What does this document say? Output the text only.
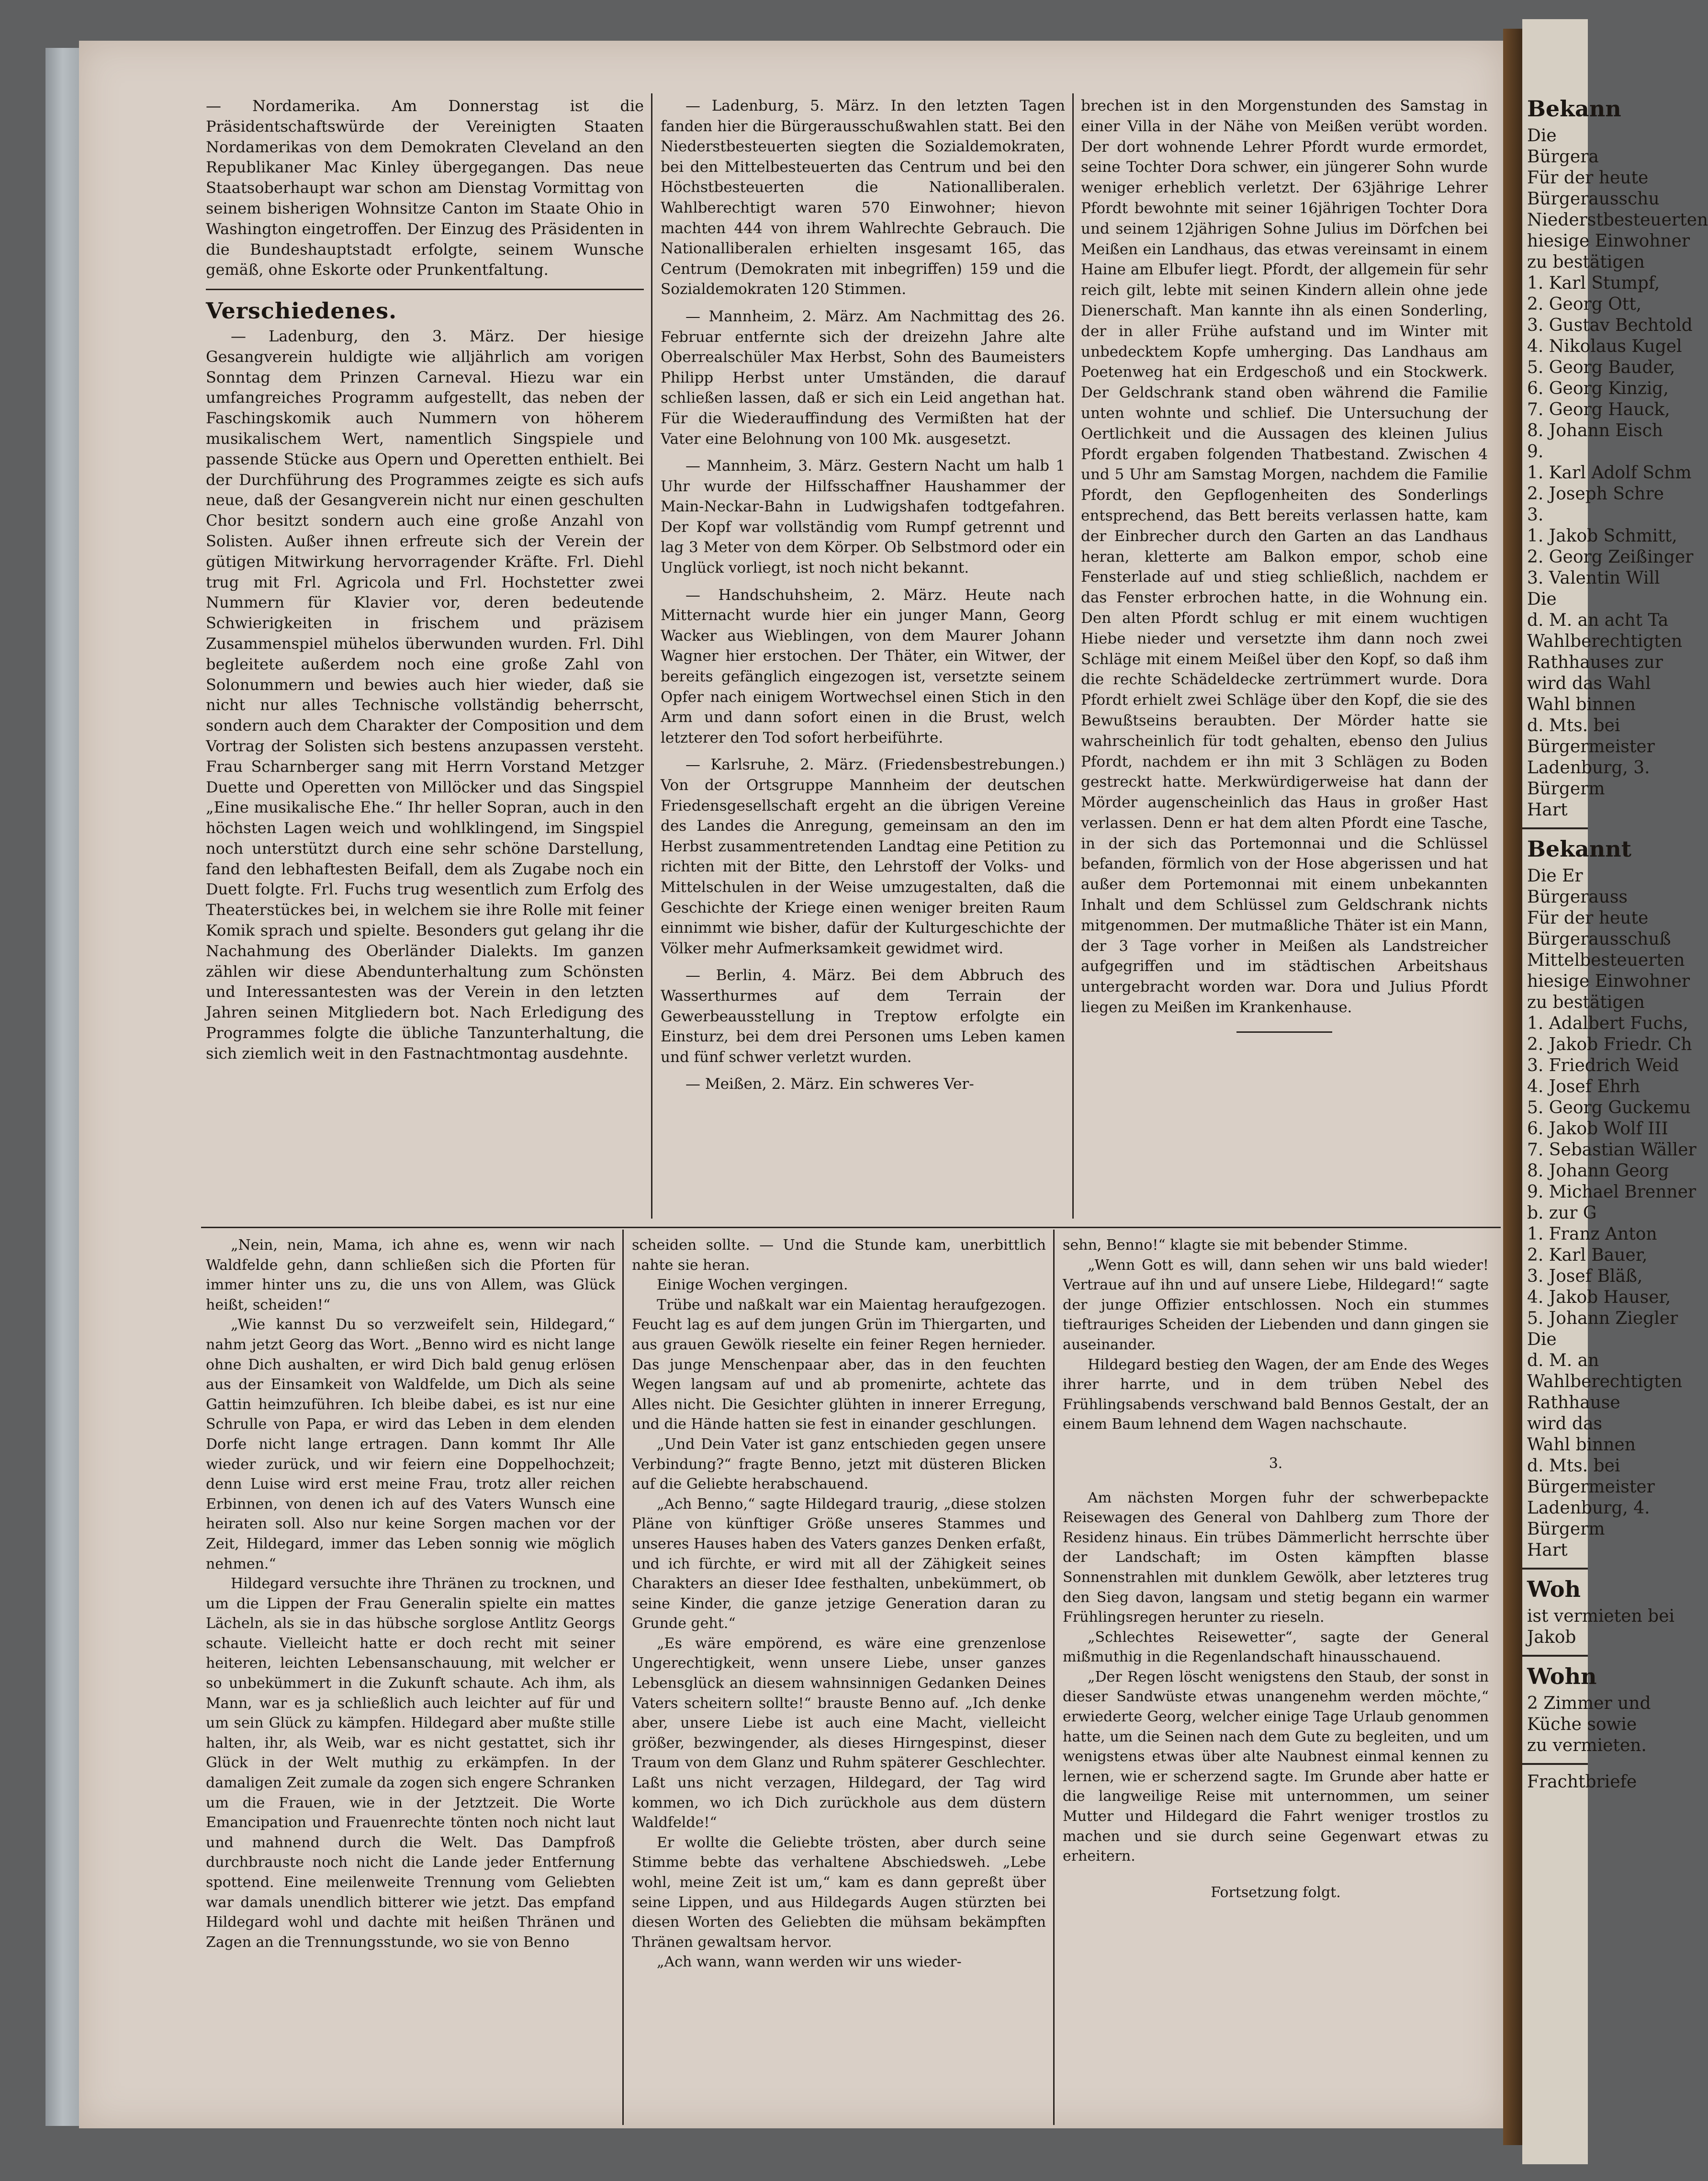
— Nordamerika. Am Donnerstag ist die Präsidentschaftswürde der Vereinigten Staaten Nordamerikas von dem Demokraten Cleveland an den Republikaner Mac Kinley übergegangen. Das neue Staatsoberhaupt war schon am Dienstag Vormittag von seinem bisherigen Wohnsitze Canton im Staate Ohio in Washington eingetroffen. Der Einzug des Präsidenten in die Bundeshauptstadt erfolgte, seinem Wunsche gemäß, ohne Eskorte oder Prunkentfaltung.

Verschiedenes.

— Ladenburg, den 3. März. Der hiesige Gesangverein huldigte wie alljährlich am vorigen Sonntag dem Prinzen Carneval. Hiezu war ein umfangreiches Programm aufgestellt, das neben der Faschingskomik auch Nummern von höherem musikalischem Wert, namentlich Singspiele und passende Stücke aus Opern und Operetten enthielt. Bei der Durchführung des Programmes zeigte es sich aufs neue, daß der Gesangverein nicht nur einen geschulten Chor besitzt sondern auch eine große Anzahl von Solisten. Außer ihnen erfreute sich der Verein der gütigen Mitwirkung hervorragender Kräfte. Frl. Diehl trug mit Frl. Agricola und Frl. Hochstetter zwei Nummern für Klavier vor, deren bedeutende Schwierigkeiten in frischem und präzisem Zusammenspiel mühelos überwunden wurden. Frl. Dihl begleitete außerdem noch eine große Zahl von Solonummern und bewies auch hier wieder, daß sie nicht nur alles Technische vollständig beherrscht, sondern auch dem Charakter der Composition und dem Vortrag der Solisten sich bestens anzupassen versteht. Frau Scharnberger sang mit Herrn Vorstand Metzger Duette und Operetten von Millöcker und das Singspiel „Eine musikalische Ehe.“ Ihr heller Sopran, auch in den höchsten Lagen weich und wohlklingend, im Singspiel noch unterstützt durch eine sehr schöne Darstellung, fand den lebhaftesten Beifall, dem als Zugabe noch ein Duett folgte. Frl. Fuchs trug wesentlich zum Erfolg des Theaterstückes bei, in welchem sie ihre Rolle mit feiner Komik sprach und spielte. Besonders gut gelang ihr die Nachahmung des Oberländer Dialekts. Im ganzen zählen wir diese Abendunterhaltung zum Schönsten und Interessantesten was der Verein in den letzten Jahren seinen Mitgliedern bot. Nach Erledigung des Programmes folgte die übliche Tanzunterhaltung, die sich ziemlich weit in den Fastnachtmontag ausdehnte.

— Ladenburg, 5. März. In den letzten Tagen fanden hier die Bürgerausschußwahlen statt. Bei den Niederstbesteuerten siegten die Sozialdemokraten, bei den Mittelbesteuerten das Centrum und bei den Höchstbesteuerten die Nationalliberalen. Wahlberechtigt waren 570 Einwohner; hievon machten 444 von ihrem Wahlrechte Gebrauch. Die Nationalliberalen erhielten insgesamt 165, das Centrum (Demokraten mit inbegriffen) 159 und die Sozialdemokraten 120 Stimmen.

— Mannheim, 2. März. Am Nachmittag des 26. Februar entfernte sich der dreizehn Jahre alte Oberrealschüler Max Herbst, Sohn des Baumeisters Philipp Herbst unter Umständen, die darauf schließen lassen, daß er sich ein Leid angethan hat. Für die Wiederauffindung des Vermißten hat der Vater eine Belohnung von 100 Mk. ausgesetzt.

— Mannheim, 3. März. Gestern Nacht um halb 1 Uhr wurde der Hilfsschaffner Haushammer der Main-Neckar-Bahn in Ludwigshafen todtgefahren. Der Kopf war vollständig vom Rumpf getrennt und lag 3 Meter von dem Körper. Ob Selbstmord oder ein Unglück vorliegt, ist noch nicht bekannt.

— Handschuhsheim, 2. März. Heute nach Mitternacht wurde hier ein junger Mann, Georg Wacker aus Wieblingen, von dem Maurer Johann Wagner hier erstochen. Der Thäter, ein Witwer, der bereits gefänglich eingezogen ist, versetzte seinem Opfer nach einigem Wortwechsel einen Stich in den Arm und dann sofort einen in die Brust, welch letzterer den Tod sofort herbeiführte.

— Karlsruhe, 2. März. (Friedensbestrebungen.) Von der Ortsgruppe Mannheim der deutschen Friedensgesellschaft ergeht an die übrigen Vereine des Landes die Anregung, gemeinsam an den im Herbst zusammentretenden Landtag eine Petition zu richten mit der Bitte, den Lehrstoff der Volks- und Mittelschulen in der Weise umzugestalten, daß die Geschichte der Kriege einen weniger breiten Raum einnimmt wie bisher, dafür der Kulturgeschichte der Völker mehr Aufmerksamkeit gewidmet wird.

— Berlin, 4. März. Bei dem Abbruch des Wasserthurmes auf dem Terrain der Gewerbeausstellung in Treptow erfolgte ein Einsturz, bei dem drei Personen ums Leben kamen und fünf schwer verletzt wurden.

— Meißen, 2. März. Ein schweres Ver-

brechen ist in den Morgenstunden des Samstag in einer Villa in der Nähe von Meißen verübt worden. Der dort wohnende Lehrer Pfordt wurde ermordet, seine Tochter Dora schwer, ein jüngerer Sohn wurde weniger erheblich verletzt. Der 63jährige Lehrer Pfordt bewohnte mit seiner 16jährigen Tochter Dora und seinem 12jährigen Sohne Julius im Dörfchen bei Meißen ein Landhaus, das etwas vereinsamt in einem Haine am Elbufer liegt. Pfordt, der allgemein für sehr reich gilt, lebte mit seinen Kindern allein ohne jede Dienerschaft. Man kannte ihn als einen Sonderling, der in aller Frühe aufstand und im Winter mit unbedecktem Kopfe umherging. Das Landhaus am Poetenweg hat ein Erdgeschoß und ein Stockwerk. Der Geldschrank stand oben während die Familie unten wohnte und schlief. Die Untersuchung der Oertlichkeit und die Aussagen des kleinen Julius Pfordt ergaben folgenden Thatbestand. Zwischen 4 und 5 Uhr am Samstag Morgen, nachdem die Familie Pfordt, den Gepflogenheiten des Sonderlings entsprechend, das Bett bereits verlassen hatte, kam der Einbrecher durch den Garten an das Landhaus heran, kletterte am Balkon empor, schob eine Fensterlade auf und stieg schließlich, nachdem er das Fenster erbrochen hatte, in die Wohnung ein. Den alten Pfordt schlug er mit einem wuchtigen Hiebe nieder und versetzte ihm dann noch zwei Schläge mit einem Meißel über den Kopf, so daß ihm die rechte Schädeldecke zertrümmert wurde. Dora Pfordt erhielt zwei Schläge über den Kopf, die sie des Bewußtseins beraubten. Der Mörder hatte sie wahrscheinlich für todt gehalten, ebenso den Julius Pfordt, nachdem er ihn mit 3 Schlägen zu Boden gestreckt hatte. Merkwürdigerweise hat dann der Mörder augenscheinlich das Haus in großer Hast verlassen. Denn er hat dem alten Pfordt eine Tasche, in der sich das Portemonnai und die Schlüssel befanden, förmlich von der Hose abgerissen und hat außer dem Portemonnai mit einem unbekannten Inhalt und dem Schlüssel zum Geldschrank nichts mitgenommen. Der mutmaßliche Thäter ist ein Mann, der 3 Tage vorher in Meißen als Landstreicher aufgegriffen und im städtischen Arbeitshaus untergebracht worden war. Dora und Julius Pfordt liegen zu Meißen im Krankenhause.

„Nein, nein, Mama, ich ahne es, wenn wir nach Waldfelde gehn, dann schließen sich die Pforten für immer hinter uns zu, die uns von Allem, was Glück heißt, scheiden!“

„Wie kannst Du so verzweifelt sein, Hildegard,“ nahm jetzt Georg das Wort. „Benno wird es nicht lange ohne Dich aushalten, er wird Dich bald genug erlösen aus der Einsamkeit von Waldfelde, um Dich als seine Gattin heimzuführen. Ich bleibe dabei, es ist nur eine Schrulle von Papa, er wird das Leben in dem elenden Dorfe nicht lange ertragen. Dann kommt Ihr Alle wieder zurück, und wir feiern eine Doppelhochzeit; denn Luise wird erst meine Frau, trotz aller reichen Erbinnen, von denen ich auf des Vaters Wunsch eine heiraten soll. Also nur keine Sorgen machen vor der Zeit, Hildegard, immer das Leben sonnig wie möglich nehmen.“

Hildegard versuchte ihre Thränen zu trocknen, und um die Lippen der Frau Generalin spielte ein mattes Lächeln, als sie in das hübsche sorglose Antlitz Georgs schaute. Vielleicht hatte er doch recht mit seiner heiteren, leichten Lebensanschauung, mit welcher er so unbekümmert in die Zukunft schaute. Ach ihm, als Mann, war es ja schließlich auch leichter auf für und um sein Glück zu kämpfen. Hildegard aber mußte stille halten, ihr, als Weib, war es nicht gestattet, sich ihr Glück in der Welt muthig zu erkämpfen. In der damaligen Zeit zumale da zogen sich engere Schranken um die Frauen, wie in der Jetztzeit. Die Worte Emancipation und Frauenrechte tönten noch nicht laut und mahnend durch die Welt. Das Dampfroß durchbrauste noch nicht die Lande jeder Entfernung spottend. Eine meilenweite Trennung vom Geliebten war damals unendlich bitterer wie jetzt. Das empfand Hildegard wohl und dachte mit heißen Thränen und Zagen an die Trennungsstunde, wo sie von Benno

scheiden sollte. — Und die Stunde kam, unerbittlich nahte sie heran.

Einige Wochen vergingen.

Trübe und naßkalt war ein Maientag heraufgezogen. Feucht lag es auf dem jungen Grün im Thiergarten, und aus grauen Gewölk rieselte ein feiner Regen hernieder. Das junge Menschenpaar aber, das in den feuchten Wegen langsam auf und ab promenirte, achtete das Alles nicht. Die Gesichter glühten in innerer Erregung, und die Hände hatten sie fest in einander geschlungen.

„Und Dein Vater ist ganz entschieden gegen unsere Verbindung?“ fragte Benno, jetzt mit düsteren Blicken auf die Geliebte herabschauend.

„Ach Benno,“ sagte Hildegard traurig, „diese stolzen Pläne von künftiger Größe unseres Stammes und unseres Hauses haben des Vaters ganzes Denken erfaßt, und ich fürchte, er wird mit all der Zähigkeit seines Charakters an dieser Idee festhalten, unbekümmert, ob seine Kinder, die ganze jetzige Generation daran zu Grunde geht.“

„Es wäre empörend, es wäre eine grenzenlose Ungerechtigkeit, wenn unsere Liebe, unser ganzes Lebensglück an diesem wahnsinnigen Gedanken Deines Vaters scheitern sollte!“ brauste Benno auf. „Ich denke aber, unsere Liebe ist auch eine Macht, vielleicht größer, bezwingender, als dieses Hirngespinst, dieser Traum von dem Glanz und Ruhm späterer Geschlechter. Laßt uns nicht verzagen, Hildegard, der Tag wird kommen, wo ich Dich zurückhole aus dem düstern Waldfelde!“

Er wollte die Geliebte trösten, aber durch seine Stimme bebte das verhaltene Abschiedsweh. „Lebe wohl, meine Zeit ist um,“ kam es dann gepreßt über seine Lippen, und aus Hildegards Augen stürzten bei diesen Worten des Geliebten die mühsam bekämpften Thränen gewaltsam hervor.

„Ach wann, wann werden wir uns wieder-

sehn, Benno!“ klagte sie mit bebender Stimme.

„Wenn Gott es will, dann sehen wir uns bald wieder! Vertraue auf ihn und auf unsere Liebe, Hildegard!“ sagte der junge Offizier entschlossen. Noch ein stummes tieftrauriges Scheiden der Liebenden und dann gingen sie auseinander.

Hildegard bestieg den Wagen, der am Ende des Weges ihrer harrte, und in dem trüben Nebel des Frühlingsabends verschwand bald Bennos Gestalt, der an einem Baum lehnend dem Wagen nachschaute.

3.

Am nächsten Morgen fuhr der schwerbepackte Reisewagen des General von Dahlberg zum Thore der Residenz hinaus. Ein trübes Dämmerlicht herrschte über der Landschaft; im Osten kämpften blasse Sonnenstrahlen mit dunklem Gewölk, aber letzteres trug den Sieg davon, langsam und stetig begann ein warmer Frühlingsregen herunter zu rieseln.

„Schlechtes Reisewetter“, sagte der General mißmuthig in die Regenlandschaft hinausschauend.

„Der Regen löscht wenigstens den Staub, der sonst in dieser Sandwüste etwas unangenehm werden möchte,“ erwiederte Georg, welcher einige Tage Urlaub genommen hatte, um die Seinen nach dem Gute zu begleiten, und um wenigstens etwas über alte Naubnest einmal kennen zu lernen, wie er scherzend sagte. Im Grunde aber hatte er die langweilige Reise mit unternommen, um seiner Mutter und Hildegard die Fahrt weniger trostlos zu machen und sie durch seine Gegenwart etwas zu erheitern.

Fortsetzung folgt.

Bekann
Die
Bürgera
Für der heute
Bürgerausschu
Niederstbesteuerten
hiesige Einwohner
zu bestätigen
1. Karl Stumpf,
2. Georg Ott,
3. Gustav Bechtold
4. Nikolaus Kugel
5. Georg Bauder,
6. Georg Kinzig,
7. Georg Hauck,
8. Johann Eisch
9.
1. Karl Adolf Schm
2. Joseph Schre
3.
1. Jakob Schmitt,
2. Georg Zeißinger
3. Valentin Will
Die
d. M. an acht Ta
Wahlberechtigten
Rathhauses zur
wird das Wahl
Wahl binnen
d. Mts. bei
Bürgermeister
Ladenburg, 3.
Bürgerm
Hart
Bekannt
Die Er
Bürgerauss
Für der heute
Bürgerausschuß
Mittelbesteuerten
hiesige Einwohner
zu bestätigen
1. Adalbert Fuchs,
2. Jakob Friedr. Ch
3. Friedrich Weid
4. Josef Ehrh
5. Georg Guckemu
6. Jakob Wolf III
7. Sebastian Wäller
8. Johann Georg
9. Michael Brenner
b. zur G
1. Franz Anton
2. Karl Bauer,
3. Josef Bläß,
4. Jakob Hauser,
5. Johann Ziegler
Die
d. M. an
Wahlberechtigten
Rathhause
wird das
Wahl binnen
d. Mts. bei
Bürgermeister
Ladenburg, 4.
Bürgerm
Hart
Woh
ist vermieten bei
Jakob
Wohn
2 Zimmer und
Küche sowie
zu vermieten.
Frachtbriefe
